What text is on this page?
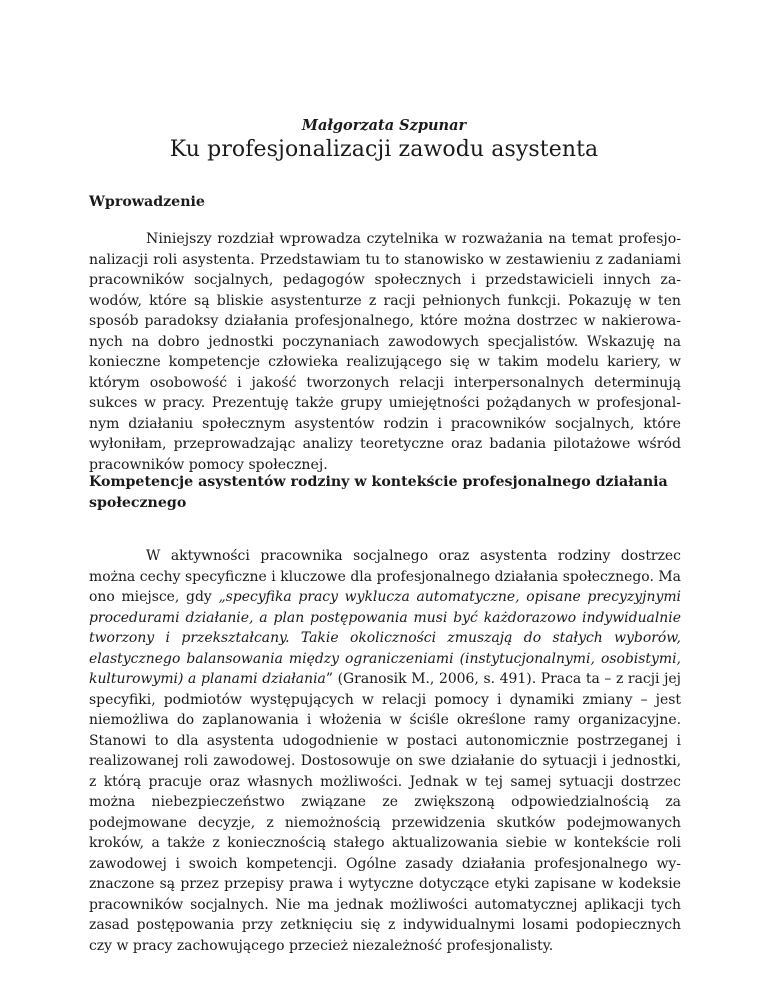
Małgorzata Szpunar
Ku profesjonalizacji zawodu asystenta
Wprowadzenie
Niniejszy rozdział wprowadza czytelnika w rozważania na temat profesjonalizacji roli asystenta. Przedstawiam tu to stanowisko w zestawieniu z zadaniami pracowników socjalnych, pedagogów społecznych i przedstawicieli innych zawodów, które są bliskie asystenturze z racji pełnionych funkcji. Pokazuję w ten sposób paradoksy działania profesjonalnego, które można dostrzec w nakierowanych na dobro jednostki poczynaniach zawodowych specjalistów. Wskazuję na konieczne kompetencje człowieka realizującego się w takim modelu kariery, w którym osobowość i jakość tworzonych relacji interpersonalnych determinują sukces w pracy. Prezentuję także grupy umiejętności pożądanych w profesjonalnym działaniu społecznym asystentów rodzin i pracowników socjalnych, które wyłoniłam, przeprowadzając analizy teoretyczne oraz badania pilotażowe wśród pracowników pomocy społecznej.
Kompetencje asystentów rodziny w kontekście profesjonalnego działania społecznego
W aktywności pracownika socjalnego oraz asystenta rodziny dostrzec można cechy specyficzne i kluczowe dla profesjonalnego działania społecznego. Ma ono miejsce, gdy „specyfika pracy wyklucza automatyczne, opisane precyzyjnymi procedurami działanie, a plan postępowania musi być każdorazowo indywidualnie tworzony i przekształcany. Takie okoliczności zmuszają do stałych wyborów, elastycznego balansowania między ograniczeniami (instytucjonalnymi, osobistymi, kulturowymi) a planami działania” (Granosik M., 2006, s. 491). Praca ta – z racji jej specyfiki, podmiotów występujących w relacji pomocy i dynamiki zmiany – jest niemożliwa do zaplanowania i włożenia w ściśle określone ramy organizacyjne. Stanowi to dla asystenta udogodnienie w postaci autonomicznie postrzeganej i realizowanej roli zawodowej. Dostosowuje on swe działanie do sytuacji i jednostki, z którą pracuje oraz własnych możliwości. Jednak w tej samej sytuacji dostrzec można niebezpieczeństwo związane ze zwiększoną odpowiedzialnością za podejmowane decyzje, z niemożnością przewidzenia skutków podejmowanych kroków, a także z koniecznością stałego aktualizowania siebie w kontekście roli zawodowej i swoich kompetencji. Ogólne zasady działania profesjonalnego wyznaczone są przez przepisy prawa i wytyczne dotyczące etyki zapisane w kodeksie pracowników socjalnych. Nie ma jednak możliwości automatycznej aplikacji tych zasad postępowania przy zetknięciu się z indywidualnymi losami podopiecznych czy w pracy zachowującego przecież niezależność profesjonalisty.
